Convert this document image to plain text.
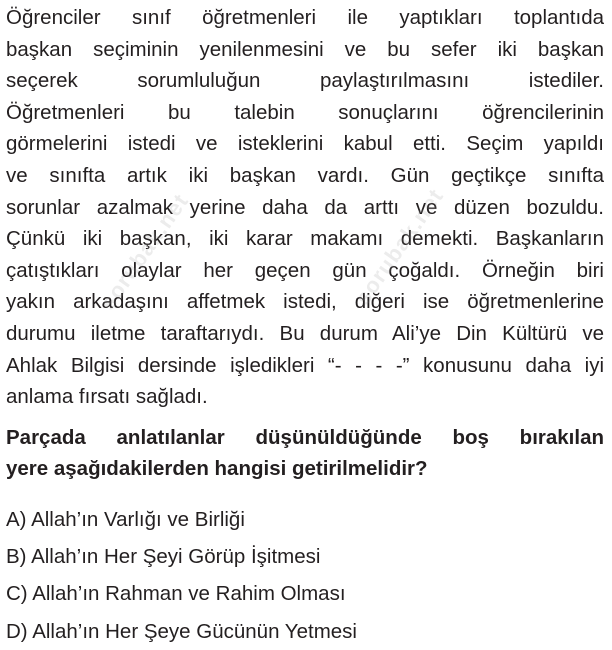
Öğrenciler sınıf öğretmenleri ile yaptıkları toplantıda
başkan seçiminin yenilenmesini ve bu sefer iki başkan
seçerek sorumluluğun paylaştırılmasını istediler.
Öğretmenleri bu talebin sonuçlarını öğrencilerinin
görmelerini istedi ve isteklerini kabul etti. Seçim yapıldı
ve sınıfta artık iki başkan vardı. Gün geçtikçe sınıfta
sorunlar azalmak yerine daha da arttı ve düzen bozuldu.
Çünkü iki başkan, iki karar makamı demekti. Başkanların
çatıştıkları olaylar her geçen gün çoğaldı. Örneğin biri
yakın arkadaşını affetmek istedi, diğeri ise öğretmenlerine
durumu iletme taraftarıydı. Bu durum Ali’ye Din Kültürü ve
Ahlak Bilgisi dersinde işledikleri “- - - -” konusunu daha iyi
anlama fırsatı sağladı.
Parçada anlatılanlar düşünüldüğünde boş bırakılan
yere aşağıdakilerden hangisi getirilmelidir?
A) Allah’ın Varlığı ve Birliği
B) Allah’ın Her Şeyi Görüp İşitmesi
C) Allah’ın Rahman ve Rahim Olması
D) Allah’ın Her Şeye Gücünün Yetmesi
sorubak.net	sorubak.net
